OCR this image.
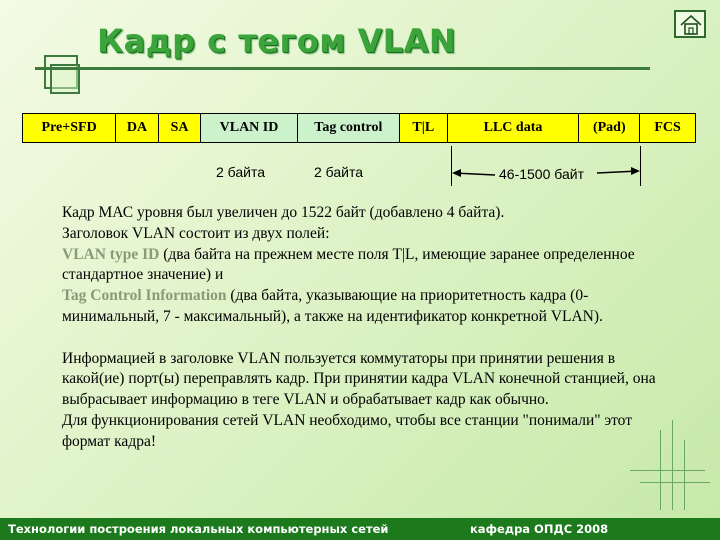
Кадр с тегом VLAN
Pre+SFD	DA	SA	VLAN ID	Tag control	T|L	LLC data	(Pad)	FCS
2 байта	2 байта	46-1500 байт

Кадр МАС уровня был увеличен до 1522 байт (добавлено 4 байта).

Заголовок VLAN состоит из двух полей:

VLAN type ID (два байта на прежнем месте поля T|L, имеющие заранее определенное стандартное значение) и

Tag Control Information (два байта, указывающие на приоритетность кадра (0-минимальный, 7 - максимальный), а также на идентификатор конкретной VLAN).

Информацией в заголовке VLAN пользуется коммутаторы при принятии решения в какой(ие) порт(ы) переправлять кадр. При принятии кадра VLAN конечной станцией, она выбрасывает информацию в теге VLAN и обрабатывает кадр как обычно.

Для функционирования сетей VLAN необходимо, чтобы все станции "понимали" этот формат кадра!

Технологии построения локальных компьютерных сетей	кафедра ОПДС 2008
